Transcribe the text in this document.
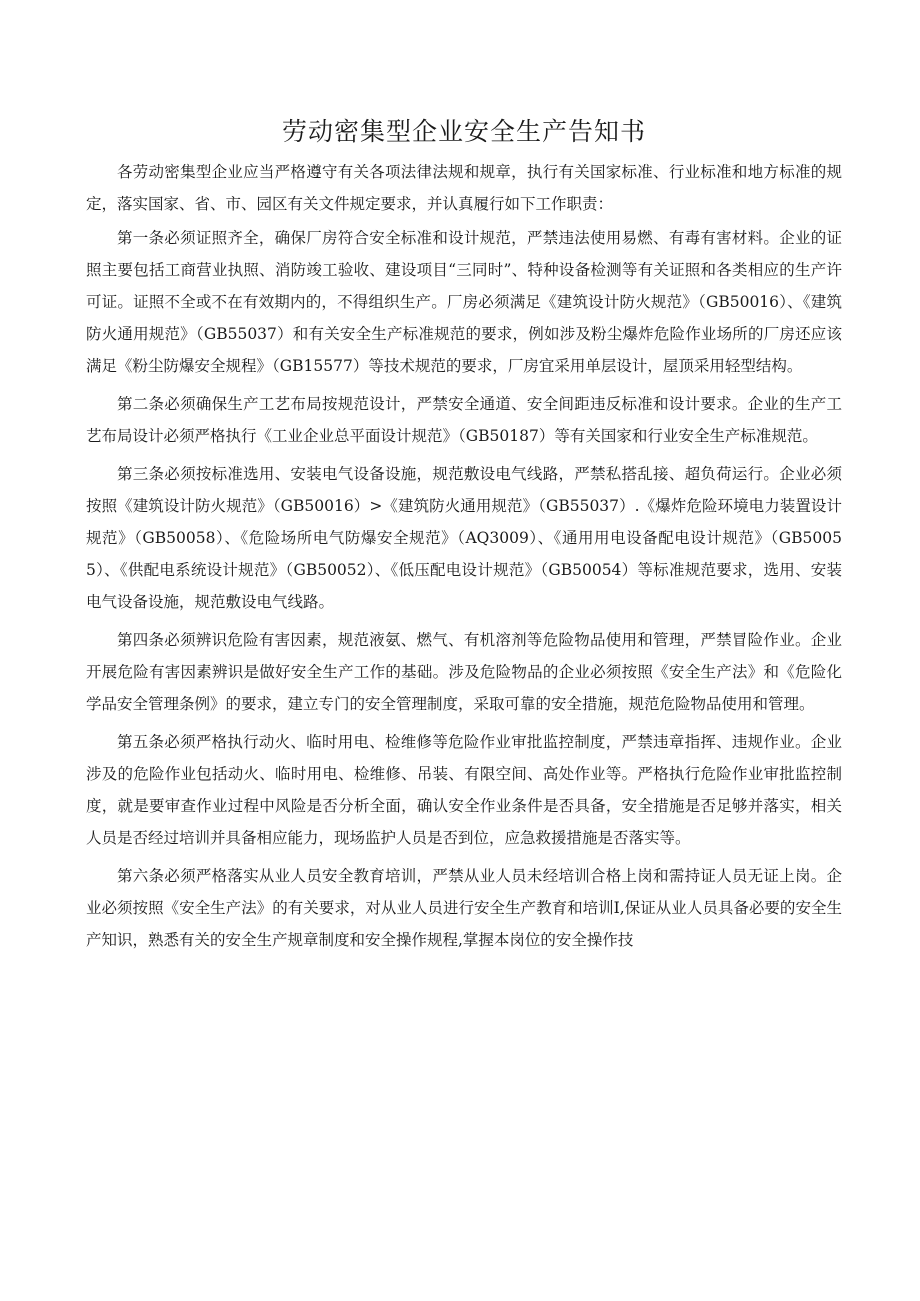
劳动密集型企业安全生产告知书

各劳动密集型企业应当严格遵守有关各项法律法规和规章，执行有关国家标准、行业标准和地方标准的规定，落实国家、省、市、园区有关文件规定要求，并认真履行如下工作职责：

第一条必须证照齐全，确保厂房符合安全标准和设计规范，严禁违法使用易燃、有毒有害材料。企业的证照主要包括工商营业执照、消防竣工验收、建设项目“三同时”、特种设备检测等有关证照和各类相应的生产许可证。证照不全或不在有效期内的，不得组织生产。厂房必须满足《建筑设计防火规范》（GB50016）、《建筑防火通用规范》（GB55037）和有关安全生产标准规范的要求，例如涉及粉尘爆炸危险作业场所的厂房还应该满足《粉尘防爆安全规程》（GB15577）等技术规范的要求，厂房宜采用单层设计，屋顶采用轻型结构。

第二条必须确保生产工艺布局按规范设计，严禁安全通道、安全间距违反标准和设计要求。企业的生产工艺布局设计必须严格执行《工业企业总平面设计规范》（GB50187）等有关国家和行业安全生产标准规范。

第三条必须按标准选用、安装电气设备设施，规范敷设电气线路，严禁私搭乱接、超负荷运行。企业必须按照《建筑设计防火规范》（GB50016）>《建筑防火通用规范》（GB55037）.《爆炸危险环境电力装置设计规范》（GB50058）、《危险场所电气防爆安全规范》（AQ3009）、《通用用电设备配电设计规范》（GB50055）、《供配电系统设计规范》（GB50052）、《低压配电设计规范》（GB50054）等标准规范要求，选用、安装电气设备设施，规范敷设电气线路。

第四条必须辨识危险有害因素，规范液氨、燃气、有机溶剂等危险物品使用和管理，严禁冒险作业。企业开展危险有害因素辨识是做好安全生产工作的基础。涉及危险物品的企业必须按照《安全生产法》和《危险化学品安全管理条例》的要求，建立专门的安全管理制度，采取可靠的安全措施，规范危险物品使用和管理。

第五条必须严格执行动火、临时用电、检维修等危险作业审批监控制度，严禁违章指挥、违规作业。企业涉及的危险作业包括动火、临时用电、检维修、吊装、有限空间、高处作业等。严格执行危险作业审批监控制度，就是要审查作业过程中风险是否分析全面，确认安全作业条件是否具备，安全措施是否足够并落实，相关人员是否经过培训并具备相应能力，现场监护人员是否到位，应急救援措施是否落实等。

第六条必须严格落实从业人员安全教育培训，严禁从业人员未经培训合格上岗和需持证人员无证上岗。企业必须按照《安全生产法》的有关要求，对从业人员进行安全生产教育和培训I,保证从业人员具备必要的安全生产知识，熟悉有关的安全生产规章制度和安全操作规程,掌握本岗位的安全操作技
